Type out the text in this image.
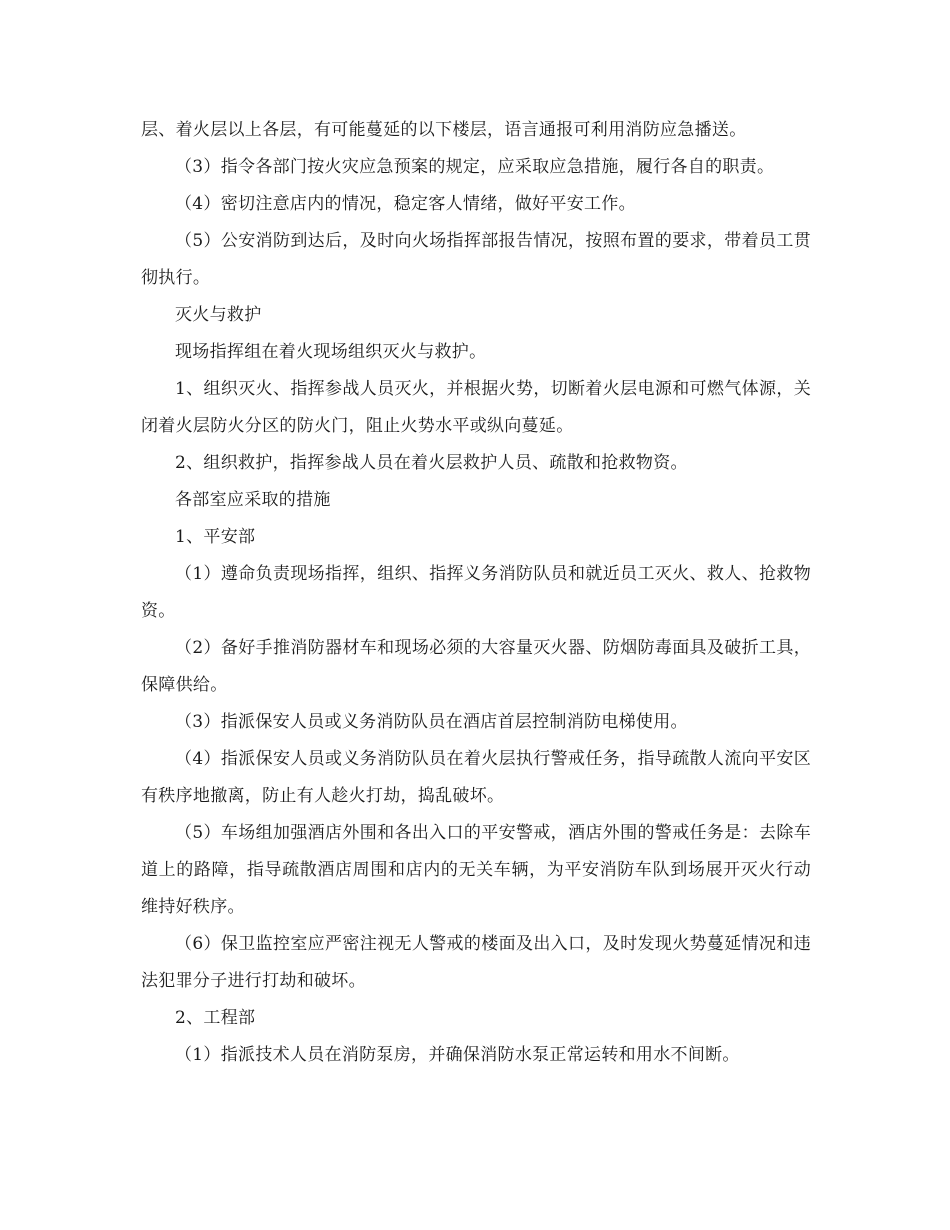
层、着火层以上各层，有可能蔓延的以下楼层，语言通报可利用消防应急播送。

（3）指令各部门按火灾应急预案的规定，应采取应急措施，履行各自的职责。

（4）密切注意店内的情况，稳定客人情绪，做好平安工作。

（5）公安消防到达后，及时向火场指挥部报告情况，按照布置的要求，带着员工贯彻执行。

灭火与救护

现场指挥组在着火现场组织灭火与救护。

1、组织灭火、指挥参战人员灭火，并根据火势，切断着火层电源和可燃气体源，关闭着火层防火分区的防火门，阻止火势水平或纵向蔓延。

2、组织救护，指挥参战人员在着火层救护人员、疏散和抢救物资。

各部室应采取的措施

1、平安部

（1）遵命负责现场指挥，组织、指挥义务消防队员和就近员工灭火、救人、抢救物资。

（2）备好手推消防器材车和现场必须的大容量灭火器、防烟防毒面具及破折工具，保障供给。

（3）指派保安人员或义务消防队员在酒店首层控制消防电梯使用。

（4）指派保安人员或义务消防队员在着火层执行警戒任务，指导疏散人流向平安区有秩序地撤离，防止有人趁火打劫，捣乱破坏。

（5）车场组加强酒店外围和各出入口的平安警戒，酒店外围的警戒任务是：去除车道上的路障，指导疏散酒店周围和店内的无关车辆，为平安消防车队到场展开灭火行动维持好秩序。

（6）保卫监控室应严密注视无人警戒的楼面及出入口，及时发现火势蔓延情况和违法犯罪分子进行打劫和破坏。

2、工程部

（1）指派技术人员在消防泵房，并确保消防水泵正常运转和用水不间断。
